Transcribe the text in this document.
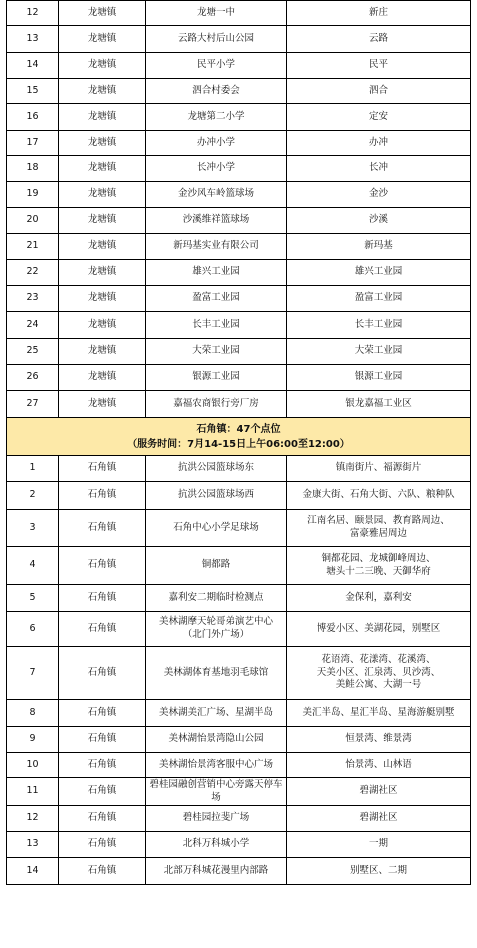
12	龙塘镇	龙塘一中	新庄

13	龙塘镇	云路大村后山公园	云路

14	龙塘镇	民平小学	民平

15	龙塘镇	泗合村委会	泗合

16	龙塘镇	龙塘第二小学	定安

17	龙塘镇	办冲小学	办冲

18	龙塘镇	长冲小学	长冲

19	龙塘镇	金沙风车岭篮球场	金沙

20	龙塘镇	沙溪维祥篮球场	沙溪

21	龙塘镇	新玛基实业有限公司	新玛基

22	龙塘镇	雄兴工业园	雄兴工业园

23	龙塘镇	盈富工业园	盈富工业园

24	龙塘镇	长丰工业园	长丰工业园

25	龙塘镇	大荣工业园	大荣工业园

26	龙塘镇	银源工业园	银源工业园

27	龙塘镇	嘉福农商银行旁厂房	银龙嘉福工业区

石角镇：47个点位
（服务时间：7月14-15日上午06:00至12:00）			

1	石角镇	抗洪公园篮球场东	镇南街片、福源街片

2	石角镇	抗洪公园篮球场西	金康大街、石角大街、六队、粮种队

3	石角镇	石角中心小学足球场	江南名居、颐景园、教育路周边、
富豪雅居周边

4	石角镇	铜都路	铜都花园、龙城御峰周边、
塘头十二三晚、天御华府

5	石角镇	嘉利安二期临时检测点	金保利，嘉利安

6	石角镇	美林湖摩天轮哥弟演艺中心
（北门外广场）	博爱小区、美湖花园，别墅区

7	石角镇	美林湖体育基地羽毛球馆	花语湾、花漾湾、花溪湾、
天美小区、汇泉湾、贝沙湾、
美鲑公寓、大湖一号

8	石角镇	美林湖美汇广场、星湖半岛	美汇半岛、星汇半岛、星海游艇别墅

9	石角镇	美林湖怡景湾隐山公园	恒景湾、维景湾

10	石角镇	美林湖怡景湾客服中心广场	怡景湾、山林语

11	石角镇	碧桂园融创营销中心旁露天停车场	碧湖社区

12	石角镇	碧桂园拉斐广场	碧湖社区

13	石角镇	北科万科城小学	一期

14	石角镇	北部万科城花漫里内部路	别墅区、二期
